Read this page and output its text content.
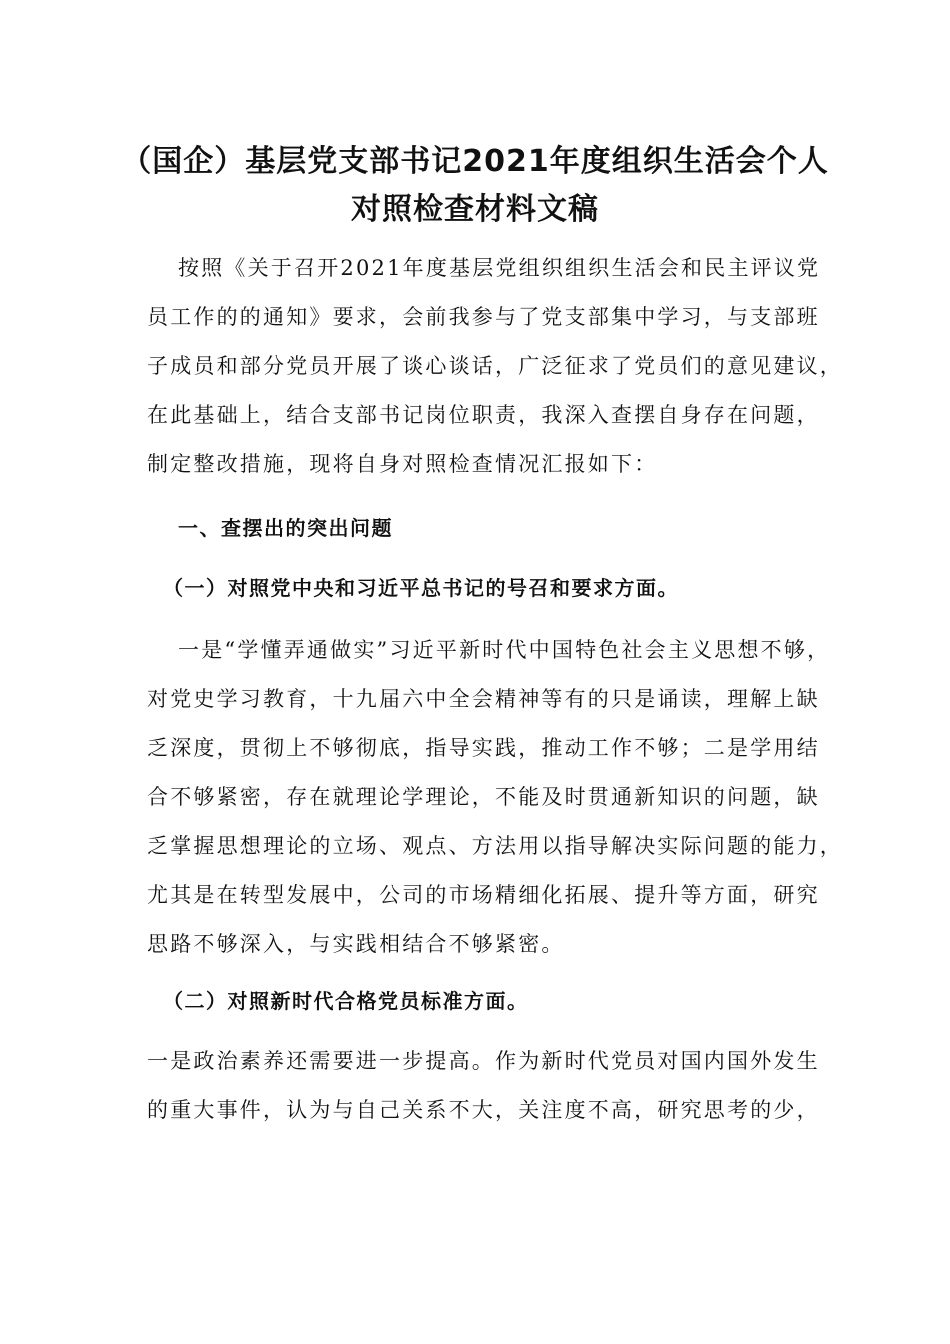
（国企）基层党支部书记2021年度组织生活会个人
对照检查材料文稿
按照《关于召开2021年度基层党组织组织生活会和民主评议党
员工作的的通知》要求，会前我参与了党支部集中学习，与支部班
子成员和部分党员开展了谈心谈话，广泛征求了党员们的意见建议，
在此基础上，结合支部书记岗位职责，我深入查摆自身存在问题，
制定整改措施，现将自身对照检查情况汇报如下：
一、查摆出的突出问题
（一）对照党中央和习近平总书记的号召和要求方面。
一是“学懂弄通做实”习近平新时代中国特色社会主义思想不够，
对党史学习教育，十九届六中全会精神等有的只是诵读，理解上缺
乏深度，贯彻上不够彻底，指导实践，推动工作不够；二是学用结
合不够紧密，存在就理论学理论，不能及时贯通新知识的问题，缺
乏掌握思想理论的立场、观点、方法用以指导解决实际问题的能力，
尤其是在转型发展中，公司的市场精细化拓展、提升等方面，研究
思路不够深入，与实践相结合不够紧密。
（二）对照新时代合格党员标准方面。
一是政治素养还需要进一步提高。作为新时代党员对国内国外发生
的重大事件，认为与自己关系不大，关注度不高，研究思考的少，
